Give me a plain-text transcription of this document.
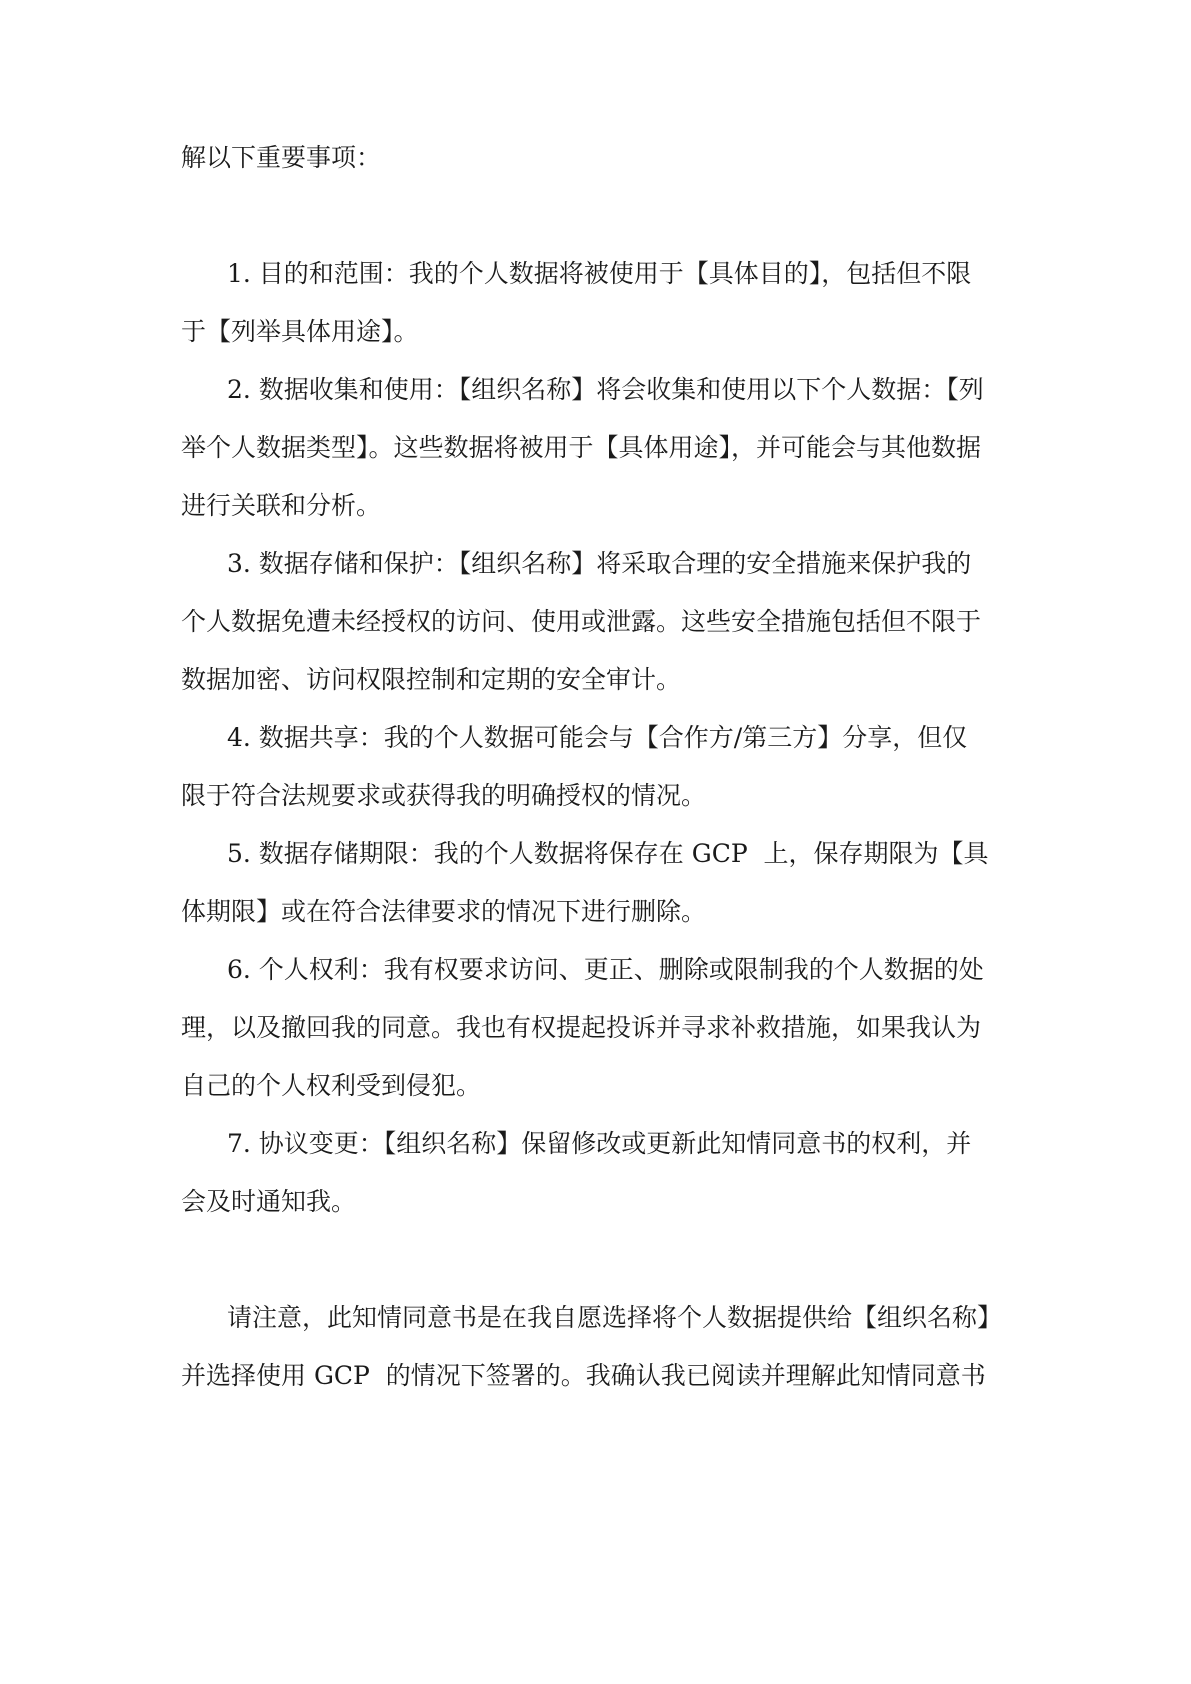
解以下重要事项：
1. 目的和范围：我的个人数据将被使用于【具体目的】，包括但不限
于【列举具体用途】。
2. 数据收集和使用：【组织名称】将会收集和使用以下个人数据：【列
举个人数据类型】。这些数据将被用于【具体用途】，并可能会与其他数据
进行关联和分析。
3. 数据存储和保护：【组织名称】将采取合理的安全措施来保护我的
个人数据免遭未经授权的访问、使用或泄露。这些安全措施包括但不限于
数据加密、访问权限控制和定期的安全审计。
4. 数据共享：我的个人数据可能会与【合作方/第三方】分享，但仅
限于符合法规要求或获得我的明确授权的情况。
5. 数据存储期限：我的个人数据将保存在 GCP  上，保存期限为【具
体期限】或在符合法律要求的情况下进行删除。
6. 个人权利：我有权要求访问、更正、删除或限制我的个人数据的处
理，以及撤回我的同意。我也有权提起投诉并寻求补救措施，如果我认为
自己的个人权利受到侵犯。
7. 协议变更：【组织名称】保留修改或更新此知情同意书的权利，并
会及时通知我。
请注意，此知情同意书是在我自愿选择将个人数据提供给【组织名称】
并选择使用 GCP  的情况下签署的。我确认我已阅读并理解此知情同意书
